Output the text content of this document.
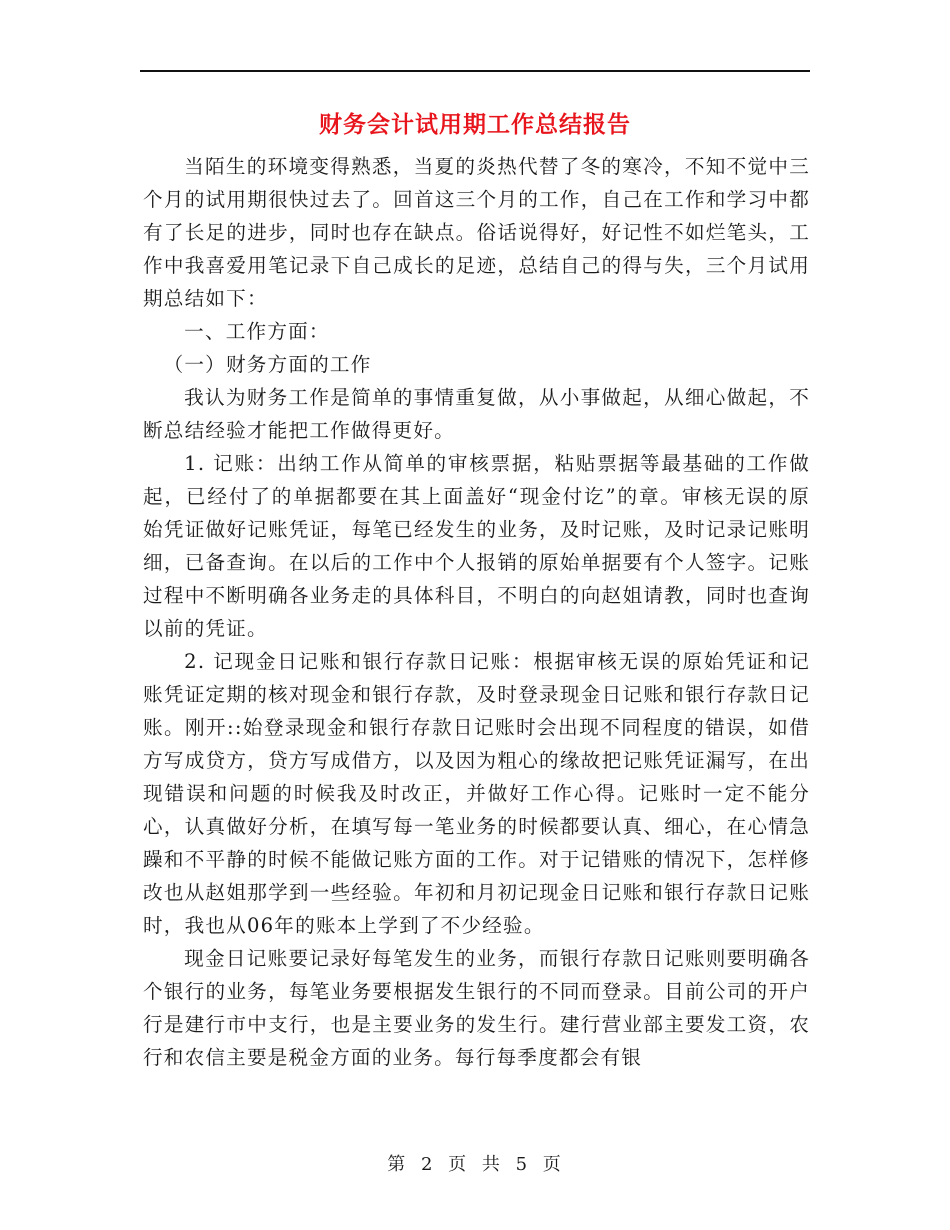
财务会计试用期工作总结报告

当陌生的环境变得熟悉，当夏的炎热代替了冬的寒冷，不知不觉中三个月的试用期很快过去了。回首这三个月的工作，自己在工作和学习中都有了长足的进步，同时也存在缺点。俗话说得好，好记性不如烂笔头，工作中我喜爱用笔记录下自己成长的足迹，总结自己的得与失，三个月试用期总结如下：

一、工作方面：

（一）财务方面的工作

我认为财务工作是简单的事情重复做，从小事做起，从细心做起，不断总结经验才能把工作做得更好。

1. 记账：出纳工作从简单的审核票据，粘贴票据等最基础的工作做起，已经付了的单据都要在其上面盖好“现金付讫”的章。审核无误的原始凭证做好记账凭证，每笔已经发生的业务，及时记账，及时记录记账明细，已备查询。在以后的工作中个人报销的原始单据要有个人签字。记账过程中不断明确各业务走的具体科目，不明白的向赵姐请教，同时也查询以前的凭证。

2. 记现金日记账和银行存款日记账：根据审核无误的原始凭证和记账凭证定期的核对现金和银行存款，及时登录现金日记账和银行存款日记账。刚开::始登录现金和银行存款日记账时会出现不同程度的错误，如借方写成贷方，贷方写成借方，以及因为粗心的缘故把记账凭证漏写，在出现错误和问题的时候我及时改正，并做好工作心得。记账时一定不能分心，认真做好分析，在填写每一笔业务的时候都要认真、细心，在心情急躁和不平静的时候不能做记账方面的工作。对于记错账的情况下，怎样修改也从赵姐那学到一些经验。年初和月初记现金日记账和银行存款日记账时，我也从06年的账本上学到了不少经验。

现金日记账要记录好每笔发生的业务，而银行存款日记账则要明确各个银行的业务，每笔业务要根据发生银行的不同而登录。目前公司的开户行是建行市中支行，也是主要业务的发生行。建行营业部主要发工资，农行和农信主要是税金方面的业务。每行每季度都会有银

第 2 页 共 5 页
